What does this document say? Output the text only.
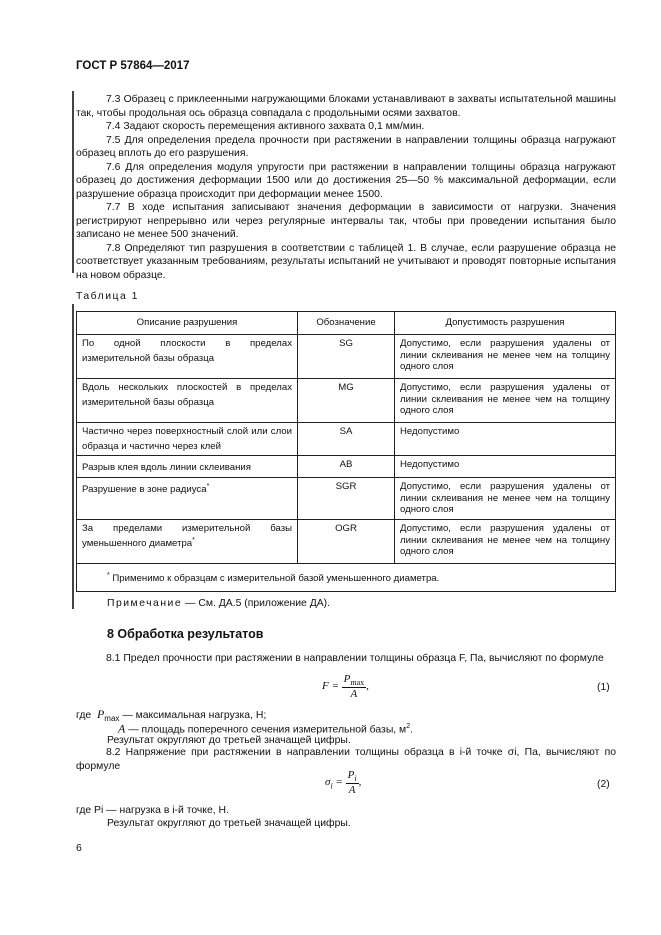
ГОСТ Р 57864—2017

7.3 Образец с приклеенными нагружающими блоками устанавливают в захваты испытательной машины так, чтобы продольная ось образца совпадала с продольными осями захватов.

7.4 Задают скорость перемещения активного захвата 0,1 мм/мин.

7.5 Для определения предела прочности при растяжении в направлении толщины образца нагружают образец вплоть до его разрушения.

7.6 Для определения модуля упругости при растяжении в направлении толщины образца нагружают образец до достижения деформации 1500 или до достижения 25—50 % максимальной деформации, если разрушение образца происходит при деформации менее 1500.

7.7 В ходе испытания записывают значения деформации в зависимости от нагрузки. Значения регистрируют непрерывно или через регулярные интервалы так, чтобы при проведении испытания было записано не менее 500 значений.

7.8 Определяют тип разрушения в соответствии с таблицей 1. В случае, если разрушение образца не соответствует указанным требованиям, результаты испытаний не учитывают и проводят повторные испытания на новом образце.

Таблица 1
Описание разрушения	Обозначение	Допустимость разрушения
По одной плоскости в пределах измерительной базы образца	SG	Допустимо, если разрушения удалены от линии склеивания не менее чем на толщину одного слоя
Вдоль нескольких плоскостей в пределах измерительной базы образца	MG	Допустимо, если разрушения удалены от линии склеивания не менее чем на толщину одного слоя
Частично через поверхностный слой или слои образца и частично через клей	SA	Недопустимо
Разрыв клея вдоль линии склеивания	AB	Недопустимо
Разрушение в зоне радиуса*	SGR	Допустимо, если разрушения удалены от линии склеивания не менее чем на толщину одного слоя
За пределами измерительной базы уменьшенного диаметра*	OGR	Допустимо, если разрушения удалены от линии склеивания не менее чем на толщину одного слоя
* Применимо к образцам с измерительной базой уменьшенного диаметра.		
Примечание — См. ДА.5 (приложение ДА).
8 Обработка результатов

8.1 Предел прочности при растяжении в направлении толщины образца F, Па, вычисляют по формуле

$F = \frac{P_{max}}{A}$ ,	(1)
где $P_{max}$ — максимальная нагрузка, Н;
A — площадь поперечного сечения измерительной базы, $м^2$.
Результат округляют до третьей значащей цифры.

8.2 Напряжение при растяжении в направлении толщины образца в i-й точке σi, Па, вычисляют по формуле

$\sigma_i = \frac{P_i}{A}$ ,	(2)
где Pi — нагрузка в i-й точке, Н.
Результат округляют до третьей значащей цифры.
6
